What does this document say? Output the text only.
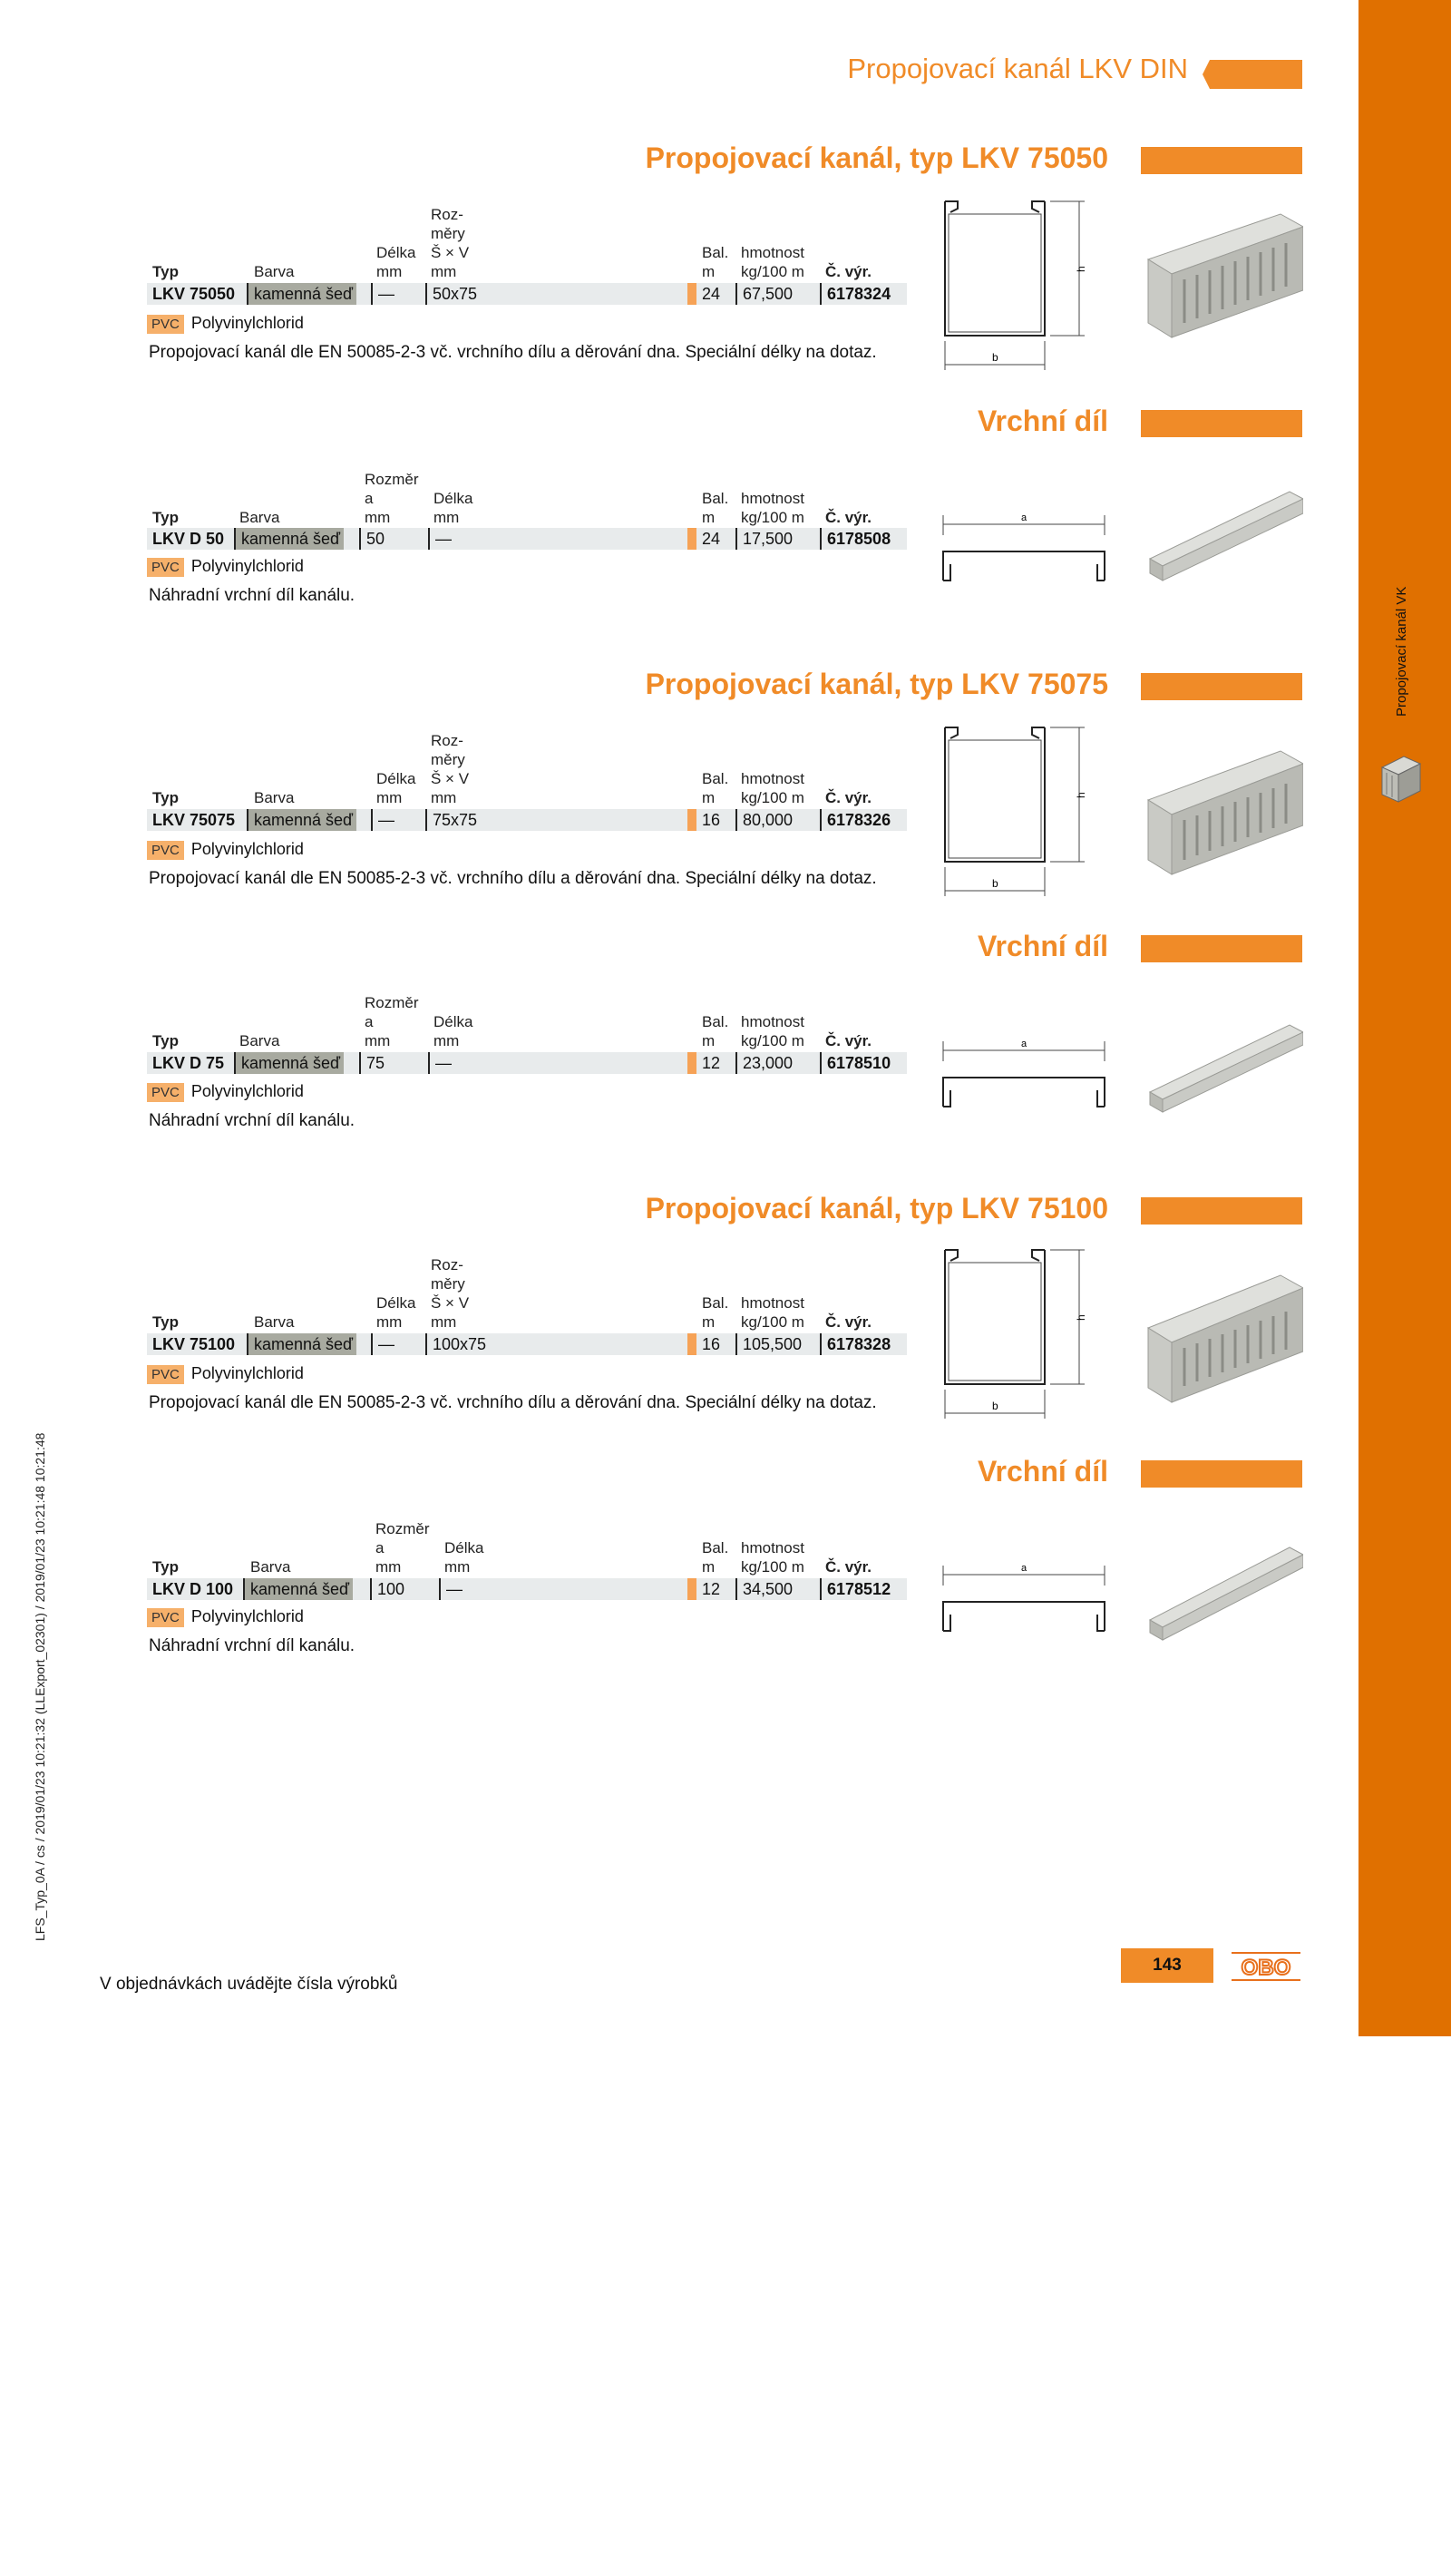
Propojovací kanál VK
Propojovací kanál LKV DIN
Propojovací kanál, typ LKV 75050
Typ	Barva
Délka
mm
Roz-
měry
Š × V
mm
Bal.
m
hmotnost
kg/100 m Č. výr.
LKV 75050	kamenná šeď	—	50x75	24	67,500	6178324
PVC Polyvinylchlorid
Propojovací kanál dle EN 50085-2-3 vč. vrchního dílu a děrování dna. Speciální délky na dotaz.
h
b
Vrchní díl
Typ	Barva
Rozměr
a
mm
Délka
mm
Bal.
m
hmotnost
kg/100 m Č. výr.
LKV D 50	kamenná šeď	50	—	24	17,500	6178508
PVC Polyvinylchlorid
Náhradní vrchní díl kanálu.
a
Propojovací kanál, typ LKV 75075
Typ	Barva
Délka
mm
Roz-
měry
Š × V
mm
Bal.
m
hmotnost
kg/100 m Č. výr.
LKV 75075	kamenná šeď	—	75x75	16	80,000	6178326
PVC Polyvinylchlorid
Propojovací kanál dle EN 50085-2-3 vč. vrchního dílu a děrování dna. Speciální délky na dotaz.
h
b
Vrchní díl
Typ	Barva
Rozměr
a
mm
Délka
mm
Bal.
m
hmotnost
kg/100 m Č. výr.
LKV D 75	kamenná šeď	75	—	12	23,000	6178510
PVC Polyvinylchlorid
Náhradní vrchní díl kanálu.
a
Propojovací kanál, typ LKV 75100
Typ	Barva
Délka
mm
Roz-
měry
Š × V
mm
Bal.
m
hmotnost
kg/100 m Č. výr.
LKV 75100	kamenná šeď	—	100x75	16	105,500	6178328
PVC Polyvinylchlorid
Propojovací kanál dle EN 50085-2-3 vč. vrchního dílu a děrování dna. Speciální délky na dotaz.
h
b
Vrchní díl
Typ	Barva
Rozměr
a
mm
Délka
mm
Bal.
m
hmotnost
kg/100 m Č. výr.
LKV D 100	kamenná šeď	100	—	12	34,500	6178512
PVC Polyvinylchlorid
Náhradní vrchní díl kanálu.
a
LFS_Typ_0A / cs / 2019/01/23 10:21:32 (LLExport_02301) / 2019/01/23 10:21:48 10:21:48
V objednávkách uvádějte čísla výrobků
143	OBO
